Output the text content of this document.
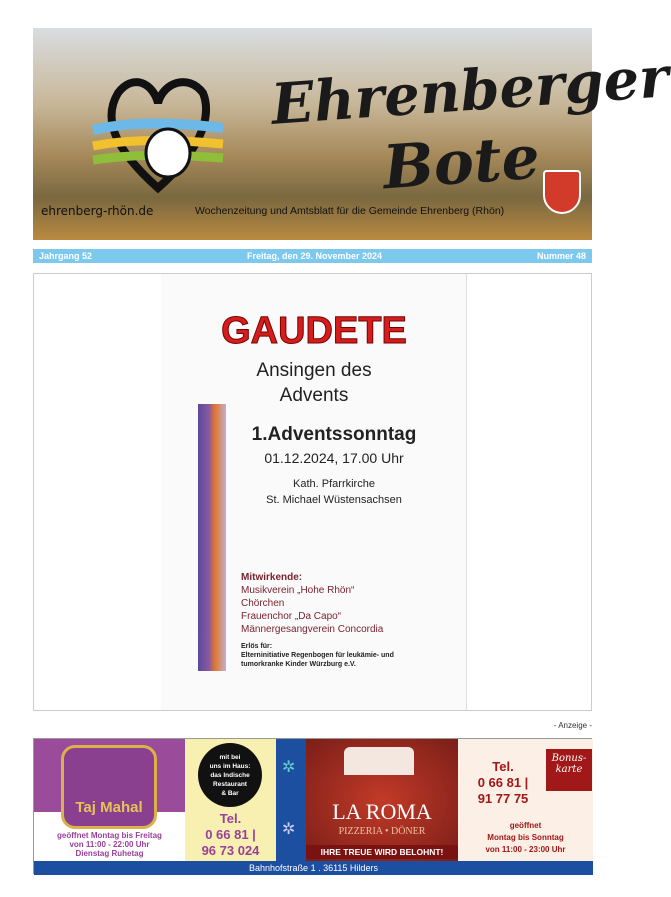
Ehrenberger
Bote
ehrenberg-rhön.de	Wochenzeitung und Amtsblatt für die Gemeinde Ehrenberg (Rhön)
Jahrgang 52	Freitag, den 29. November 2024	Nummer 48
GAUDETE
Ansingen des
Advents
1.Adventssonntag
01.12.2024, 17.00 Uhr
Kath. Pfarrkirche
St. Michael Wüstensachsen
Mitwirkende:
Musikverein „Hohe Rhön“
Chörchen
Frauenchor „Da Capo“
Männergesangverein Concordia
Erlös für:
Elterninitiative Regenbogen für leukämie- und
tumorkranke Kinder Würzburg e.V.
- Anzeige -
Taj Mahal
geöffnet Montag bis Freitag
von 11:00 - 22:00 Uhr
Dienstag Ruhetag
mit bei
uns im Haus:
das Indische
Restaurant
& Bar
Tel.
0 66 81 |
96 73 024
✲
✲
LA ROMA
PIZZERIA • DÖNER
IHRE TREUE WIRD BELOHNT!
Tel.
0 66 81 |
91 77 75
Bonus-karte
geöffnet
Montag bis Sonntag
von 11:00 - 23:00 Uhr
Bahnhofstraße 1 . 36115 Hilders
